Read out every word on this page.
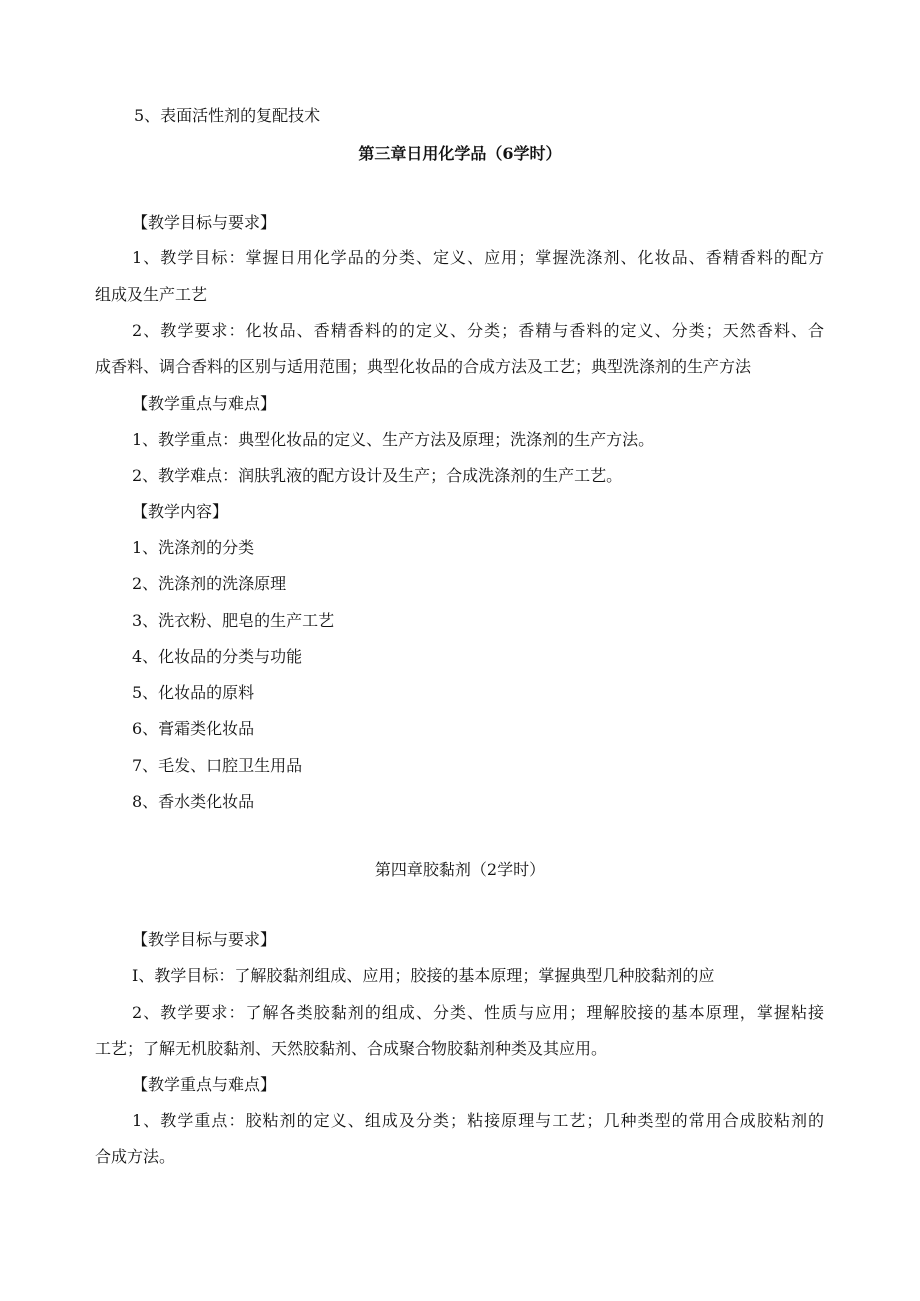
5、表面活性剂的复配技术
第三章日用化学品（6学时）
【教学目标与要求】
1、教学目标：掌握日用化学品的分类、定义、应用；掌握洗涤剂、化妆品、香精香料的配方
组成及生产工艺
2、教学要求：化妆品、香精香料的的定义、分类；香精与香料的定义、分类；天然香料、合
成香料、调合香料的区别与适用范围；典型化妆品的合成方法及工艺；典型洗涤剂的生产方法
【教学重点与难点】
1、教学重点：典型化妆品的定义、生产方法及原理；洗涤剂的生产方法。
2、教学难点：润肤乳液的配方设计及生产；合成洗涤剂的生产工艺。
【教学内容】
1、洗涤剂的分类
2、洗涤剂的洗涤原理
3、洗衣粉、肥皂的生产工艺
4、化妆品的分类与功能
5、化妆品的原料
6、膏霜类化妆品
7、毛发、口腔卫生用品
8、香水类化妆品
第四章胶黏剂（2学时）
【教学目标与要求】
I、教学目标：了解胶黏剂组成、应用；胶接的基本原理；掌握典型几种胶黏剂的应
2、教学要求：了解各类胶黏剂的组成、分类、性质与应用；理解胶接的基本原理，掌握粘接
工艺；了解无机胶黏剂、天然胶黏剂、合成聚合物胶黏剂种类及其应用。
【教学重点与难点】
1、教学重点：胶粘剂的定义、组成及分类；粘接原理与工艺；几种类型的常用合成胶粘剂的
合成方法。
